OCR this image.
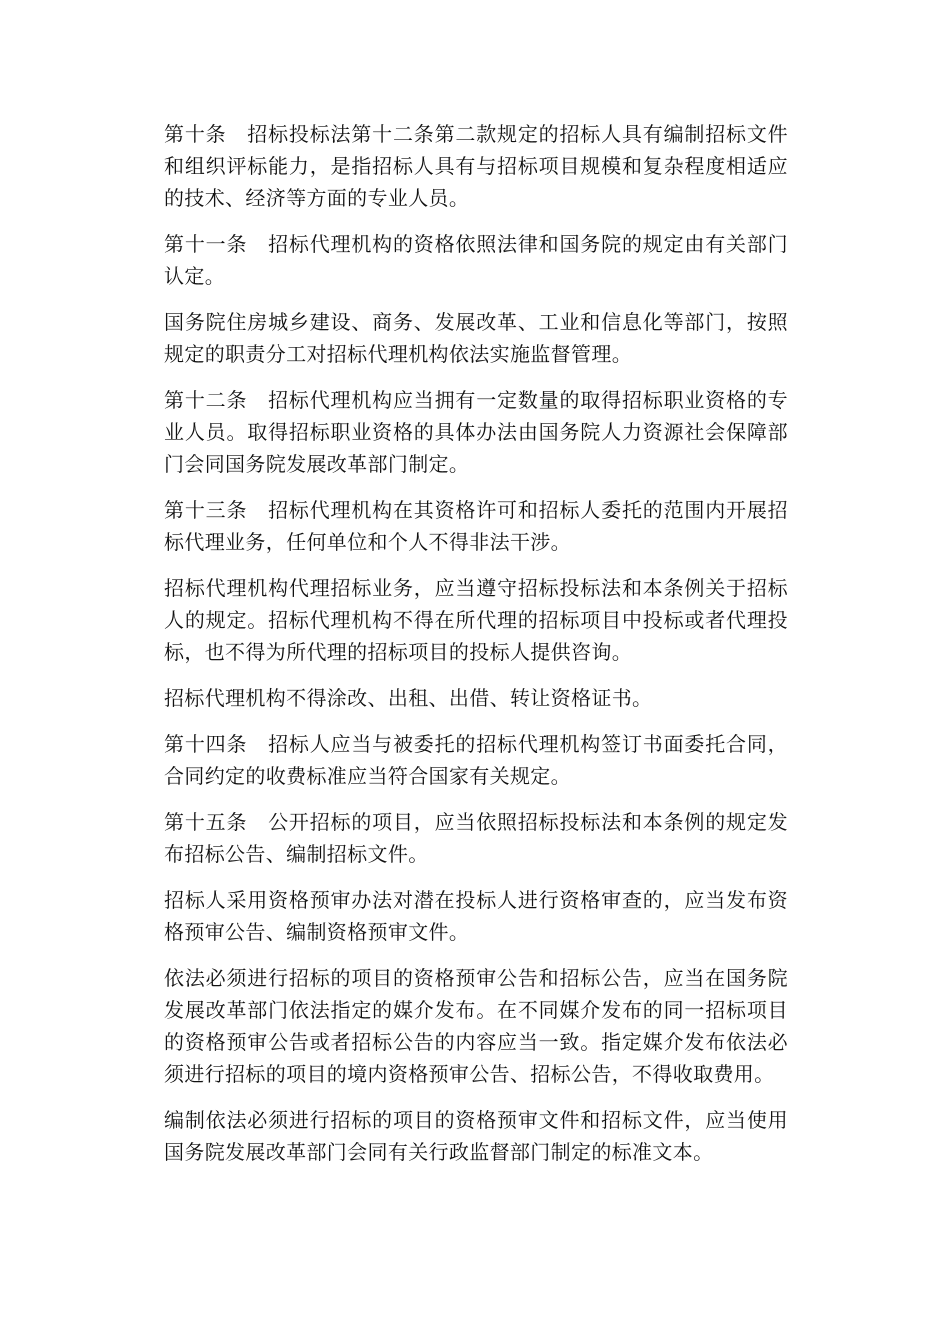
第十条　招标投标法第十二条第二款规定的招标人具有编制招标文件和组织评标能力，是指招标人具有与招标项目规模和复杂程度相适应的技术、经济等方面的专业人员。

第十一条　招标代理机构的资格依照法律和国务院的规定由有关部门认定。

国务院住房城乡建设、商务、发展改革、工业和信息化等部门，按照规定的职责分工对招标代理机构依法实施监督管理。

第十二条　招标代理机构应当拥有一定数量的取得招标职业资格的专业人员。取得招标职业资格的具体办法由国务院人力资源社会保障部门会同国务院发展改革部门制定。

第十三条　招标代理机构在其资格许可和招标人委托的范围内开展招标代理业务，任何单位和个人不得非法干涉。

招标代理机构代理招标业务，应当遵守招标投标法和本条例关于招标人的规定。招标代理机构不得在所代理的招标项目中投标或者代理投标，也不得为所代理的招标项目的投标人提供咨询。

招标代理机构不得涂改、出租、出借、转让资格证书。

第十四条　招标人应当与被委托的招标代理机构签订书面委托合同，合同约定的收费标准应当符合国家有关规定。

第十五条　公开招标的项目，应当依照招标投标法和本条例的规定发布招标公告、编制招标文件。

招标人采用资格预审办法对潜在投标人进行资格审查的，应当发布资格预审公告、编制资格预审文件。

依法必须进行招标的项目的资格预审公告和招标公告，应当在国务院发展改革部门依法指定的媒介发布。在不同媒介发布的同一招标项目的资格预审公告或者招标公告的内容应当一致。指定媒介发布依法必须进行招标的项目的境内资格预审公告、招标公告，不得收取费用。

编制依法必须进行招标的项目的资格预审文件和招标文件，应当使用国务院发展改革部门会同有关行政监督部门制定的标准文本。
